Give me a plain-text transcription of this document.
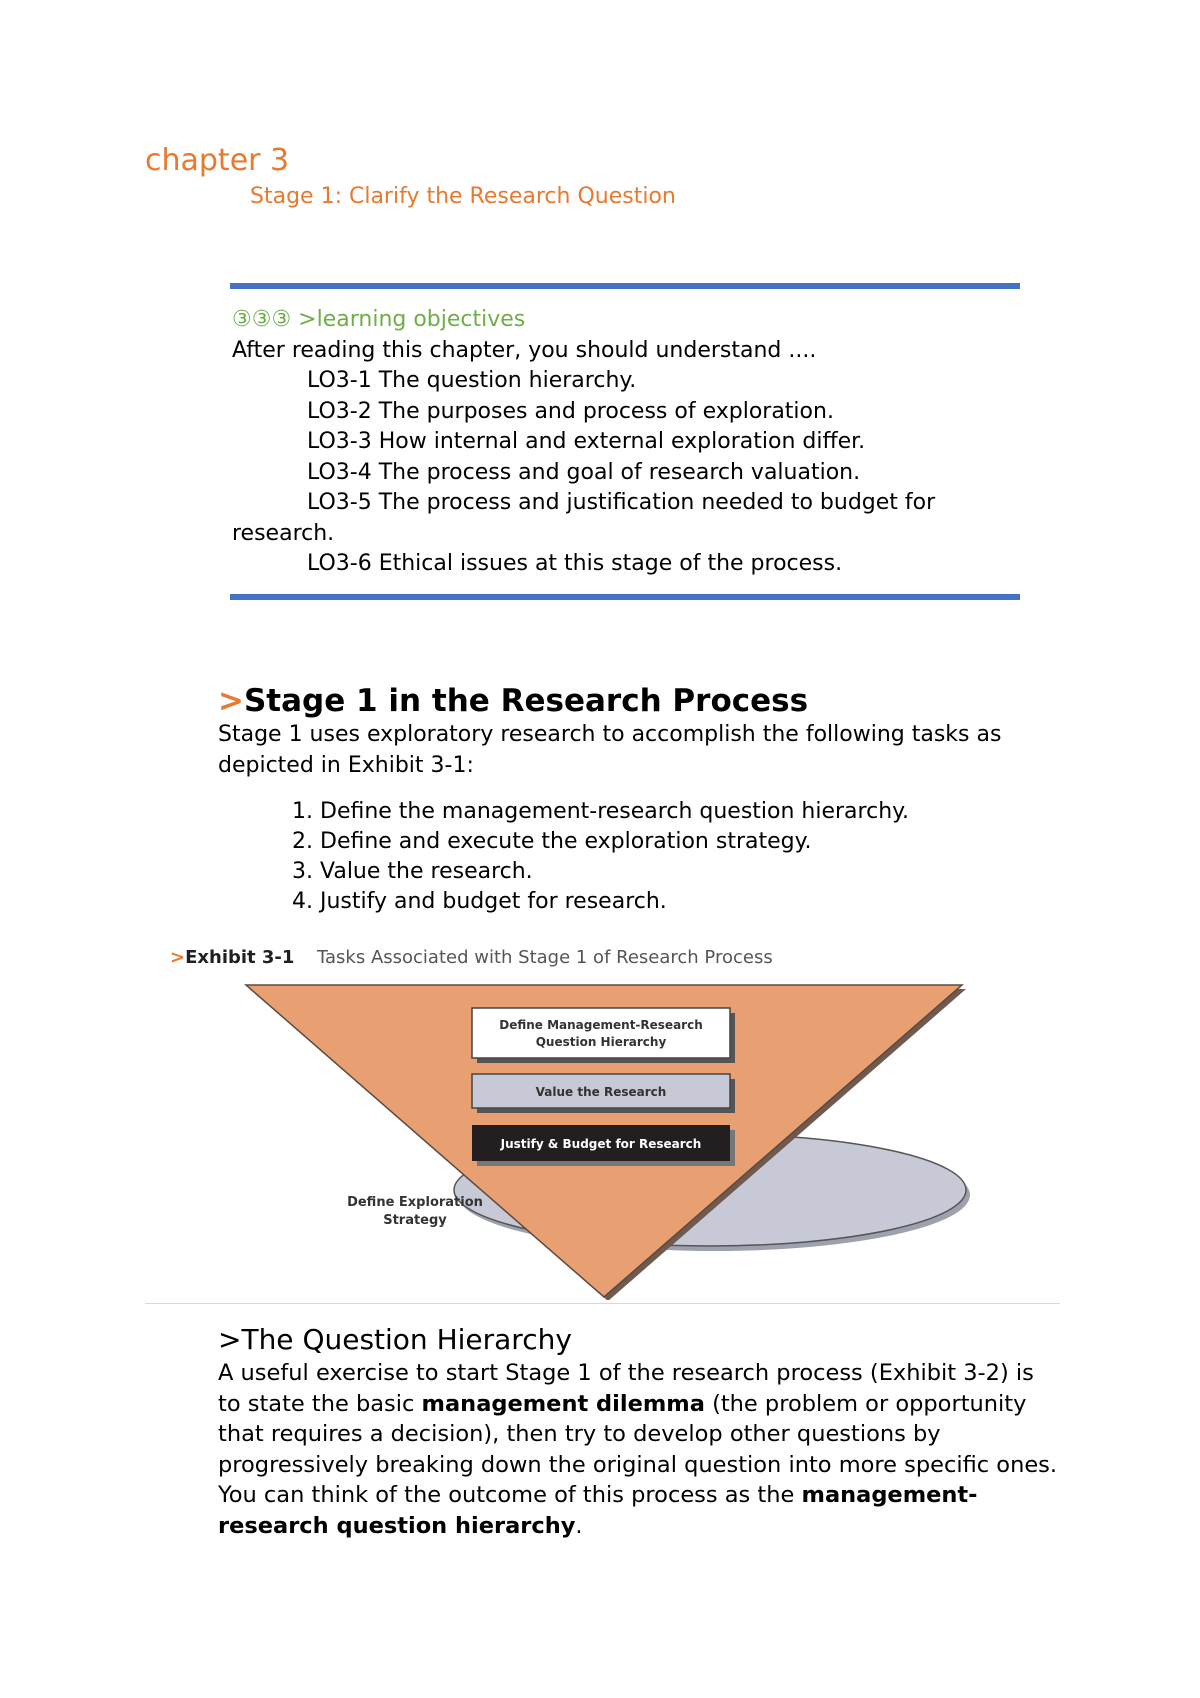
chapter 3
Stage 1: Clarify the Research Question
③③③ >learning objectives
After reading this chapter, you should understand ....
LO3-1 The question hierarchy.
LO3-2 The purposes and process of exploration.
LO3-3 How internal and external exploration differ.
LO3-4 The process and goal of research valuation.
LO3-5 The process and justification needed to budget for research.
LO3-6 Ethical issues at this stage of the process.
>Stage 1 in the Research Process

Stage 1 uses exploratory research to accomplish the following tasks as depicted in Exhibit 3-1:

1. Define the management-research question hierarchy.
2. Define and execute the exploration strategy.
3. Value the research.
4. Justify and budget for research.
>Exhibit 3-1 Tasks Associated with Stage 1 of Research Process
Define Exploration
Strategy
Define Management-Research
Question Hierarchy
Value the Research
Justify & Budget for Research
>The Question Hierarchy

A useful exercise to start Stage 1 of the research process (Exhibit 3-2) is to state the basic management dilemma (the problem or opportunity that requires a decision), then try to develop other questions by progressively breaking down the original question into more specific ones. You can think of the outcome of this process as the management-research question hierarchy.
